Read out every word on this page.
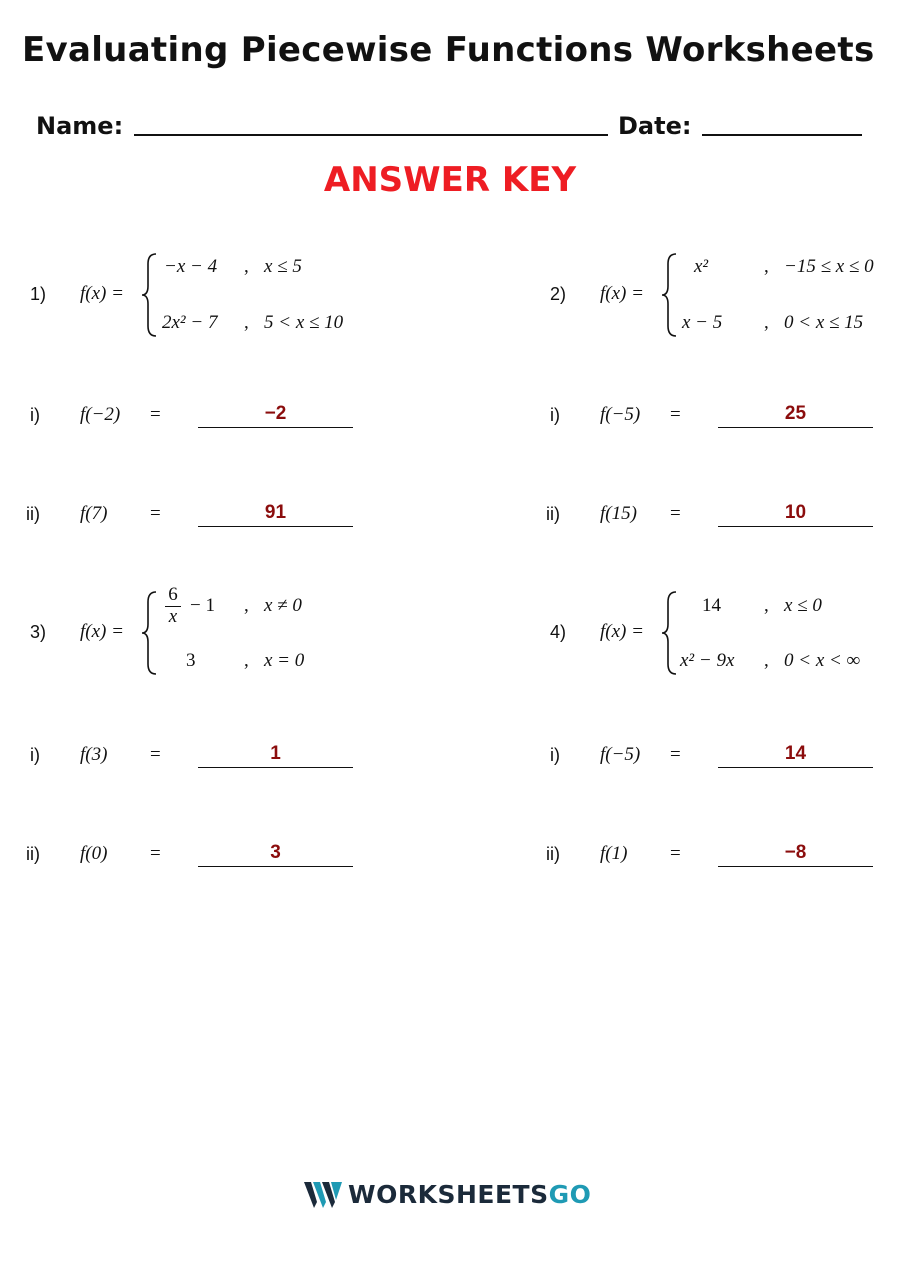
Evaluating Piecewise Functions Worksheets
Name:	Date:
ANSWER KEY
1) f(x) =
−x − 4 , x ≤ 5
2x² − 7 , 5 < x ≤ 10
i) f(−2) =	−2
ii) f(7) =	91
2) f(x) =
x²	, −15 ≤ x ≤ 0
x − 5 , 0 < x ≤ 15
i) f(−5) =	25
ii) f(15) =	10
3) f(x) =
6
x
− 1 , x ≠ 0
3	, x = 0
i) f(3) =	1
ii) f(0) =	3
4) f(x) =
14 , x ≤ 0
x² − 9x , 0 < x < ∞
i) f(−5) =	14
ii) f(1) =	−8
WORKSHEETSGO
